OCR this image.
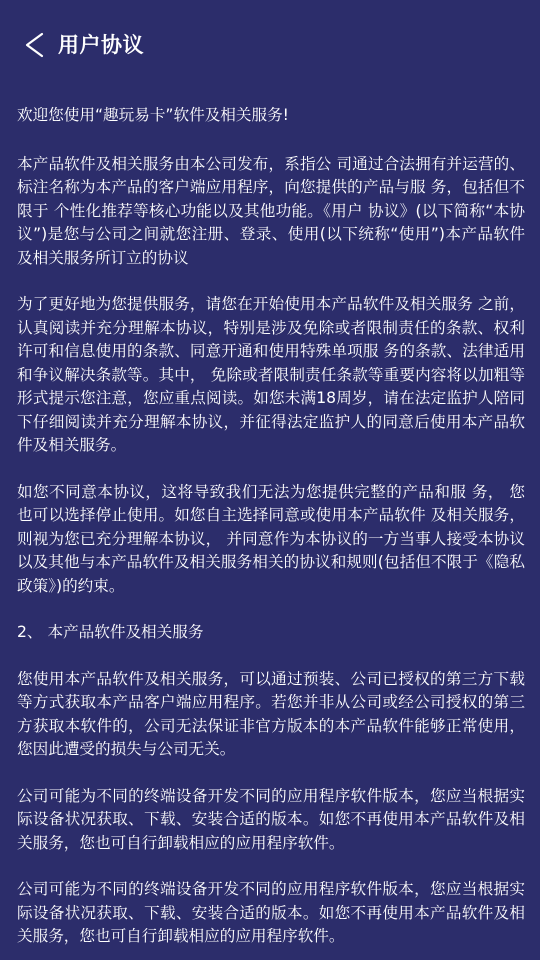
用户协议

欢迎您使用“趣玩易卡”软件及相关服务!

本产品软件及相关服务由本公司发布，系指公 司通过合法拥有并运营的、标注名称为本产品的客户端应用程序，向您提供的产品与服 务，包括但不限于 个性化推荐等核心功能以及其他功能。《用户 协议》(以下简称“本协议”)是您与公司之间就您注册、登录、使用(以下统称“使用”)本产品软件及相关服务所订立的协议

为了更好地为您提供服务，请您在开始使用本产品软件及相关服务 之前， 认真阅读并充分理解本协议，特别是涉及免除或者限制责任的条款、权利许可和信息使用的条款、同意开通和使用特殊单项服 务的条款、法律适用和争议解决条款等。其中， 免除或者限制责任条款等重要内容将以加粗等形式提示您注意，您应重点阅读。如您未满18周岁，请在法定监护人陪同下仔细阅读并充分理解本协议，并征得法定监护人的同意后使用本产品软件及相关服务。

如您不同意本协议，这将导致我们无法为您提供完整的产品和服 务， 您也可以选择停止使用。如您自主选择同意或使用本产品软件 及相关服务，则视为您已充分理解本协议， 并同意作为本协议的一方当事人接受本协议以及其他与本产品软件及相关服务相关的协议和规则(包括但不限于《隐私政策》)的约束。

2、 本产品软件及相关服务

您使用本产品软件及相关服务，可以通过预装、公司已授权的第三方下载等方式获取本产品客户端应用程序。若您并非从公司或经公司授权的第三方获取本软件的，公司无法保证非官方版本的本产品软件能够正常使用，您因此遭受的损失与公司无关。

公司可能为不同的终端设备开发不同的应用程序软件版本，您应当根据实际设备状况获取、下载、安装合适的版本。如您不再使用本产品软件及相关服务，您也可自行卸载相应的应用程序软件。

公司可能为不同的终端设备开发不同的应用程序软件版本，您应当根据实际设备状况获取、下载、安装合适的版本。如您不再使用本产品软件及相关服务，您也可自行卸载相应的应用程序软件。
